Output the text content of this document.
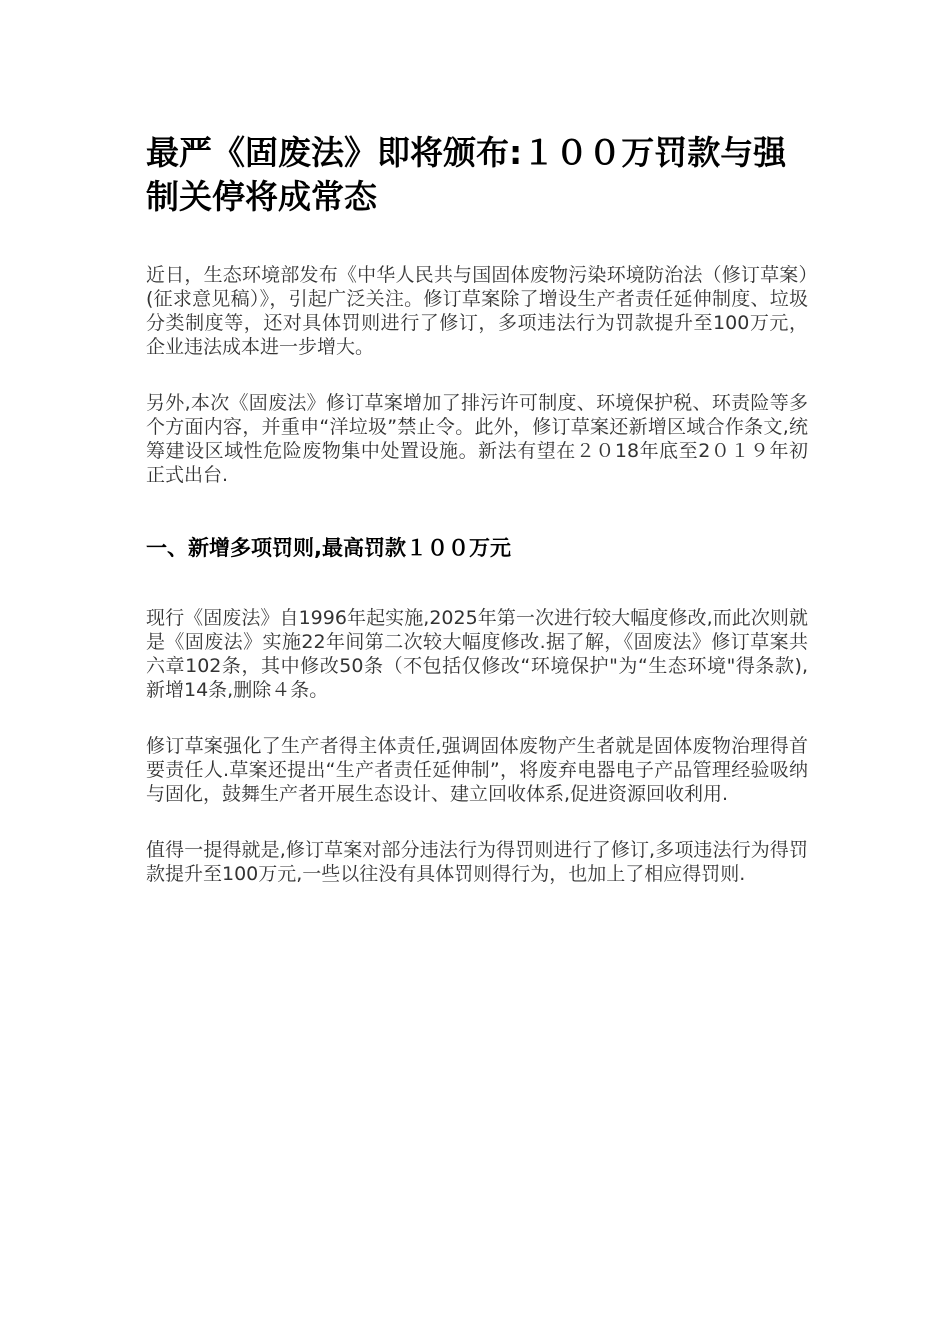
最严《固废法》即将颁布:１００万罚款与强制关停将成常态

近日，生态环境部发布《中华人民共与国固体废物污染环境防治法（修订草案）(征求意见稿）》，引起广泛关注。修订草案除了增设生产者责任延伸制度、垃圾分类制度等，还对具体罚则进行了修订，多项违法行为罚款提升至100万元，企业违法成本进一步增大。

另外,本次《固废法》修订草案增加了排污许可制度、环境保护税、环责险等多个方面内容，并重申“洋垃圾”禁止令。此外，修订草案还新增区域合作条文,统筹建设区域性危险废物集中处置设施。新法有望在２０18年底至2０１９年初正式出台.

一、新增多项罚则,最高罚款１００万元

现行《固废法》自1996年起实施,2025年第一次进行较大幅度修改,而此次则就是《固废法》实施22年间第二次较大幅度修改.据了解，《固废法》修订草案共六章102条，其中修改50条（不包括仅修改“环境保护"为“生态环境"得条款),新增14条,删除４条。

修订草案强化了生产者得主体责任,强调固体废物产生者就是固体废物治理得首要责任人.草案还提出“生产者责任延伸制”，将废弃电器电子产品管理经验吸纳与固化，鼓舞生产者开展生态设计、建立回收体系,促进资源回收利用.

值得一提得就是,修订草案对部分违法行为得罚则进行了修订,多项违法行为得罚款提升至100万元,一些以往没有具体罚则得行为，也加上了相应得罚则.
